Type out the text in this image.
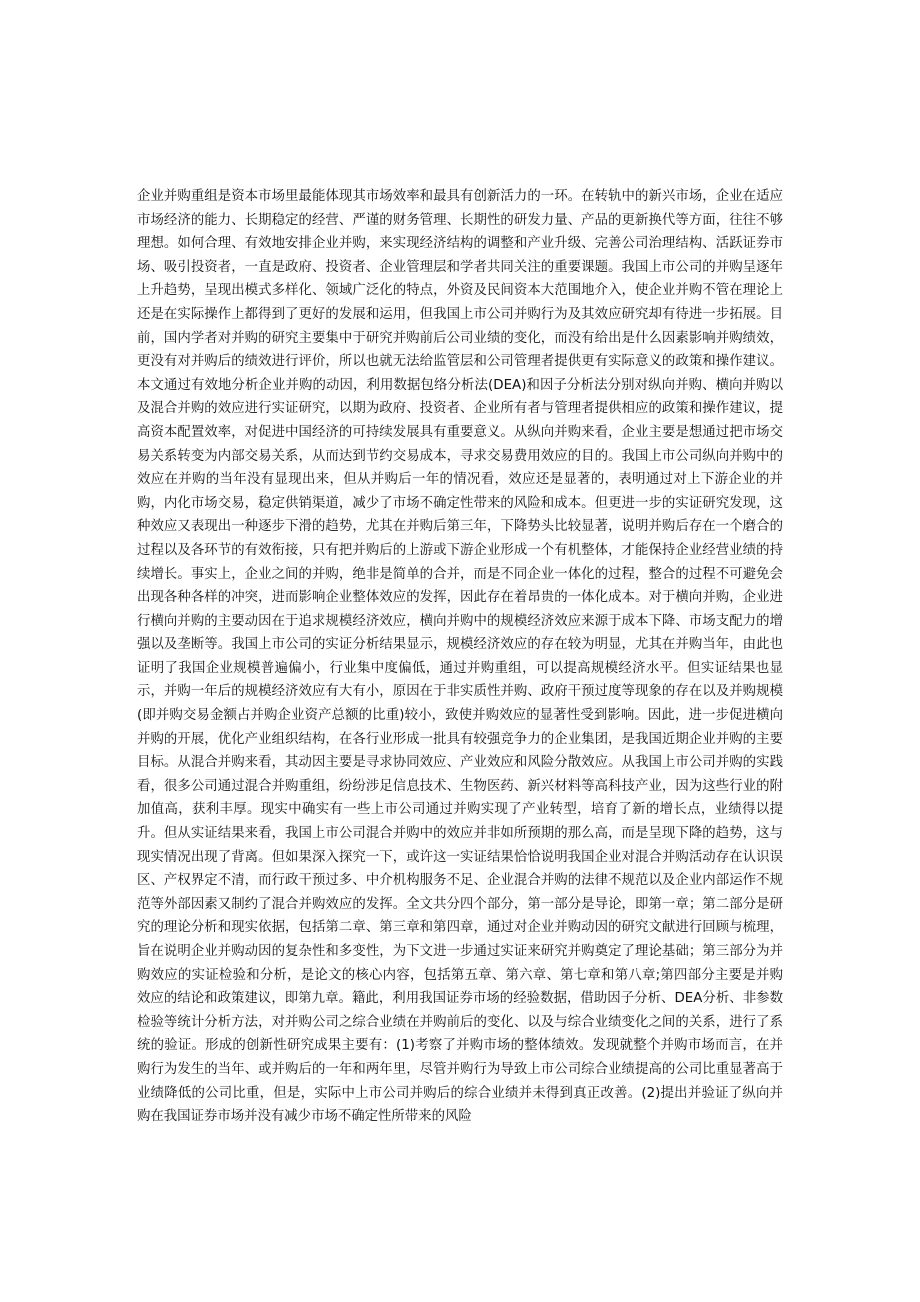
企业并购重组是资本市场里最能体现其市场效率和最具有创新活力的一环。在转轨中的新兴市场，企业在适应市场经济的能力、长期稳定的经营、严谨的财务管理、长期性的研发力量、产品的更新换代等方面，往往不够理想。如何合理、有效地安排企业并购，来实现经济结构的调整和产业升级、完善公司治理结构、活跃证券市场、吸引投资者，一直是政府、投资者、企业管理层和学者共同关注的重要课题。我国上市公司的并购呈逐年上升趋势，呈现出模式多样化、领域广泛化的特点，外资及民间资本大范围地介入，使企业并购不管在理论上还是在实际操作上都得到了更好的发展和运用，但我国上市公司并购行为及其效应研究却有待进一步拓展。目前，国内学者对并购的研究主要集中于研究并购前后公司业绩的变化，而没有给出是什么因素影响并购绩效，更没有对并购后的绩效进行评价，所以也就无法给监管层和公司管理者提供更有实际意义的政策和操作建议。本文通过有效地分析企业并购的动因，利用数据包络分析法(DEA)和因子分析法分别对纵向并购、横向并购以及混合并购的效应进行实证研究，以期为政府、投资者、企业所有者与管理者提供相应的政策和操作建议，提高资本配置效率，对促进中国经济的可持续发展具有重要意义。从纵向并购来看，企业主要是想通过把市场交易关系转变为内部交易关系，从而达到节约交易成本，寻求交易费用效应的目的。我国上市公司纵向并购中的效应在并购的当年没有显现出来，但从并购后一年的情况看，效应还是显著的，表明通过对上下游企业的并购，内化市场交易，稳定供销渠道，减少了市场不确定性带来的风险和成本。但更进一步的实证研究发现，这种效应又表现出一种逐步下滑的趋势，尤其在并购后第三年，下降势头比较显著，说明并购后存在一个磨合的过程以及各环节的有效衔接，只有把并购后的上游或下游企业形成一个有机整体，才能保持企业经营业绩的持续增长。事实上，企业之间的并购，绝非是简单的合并，而是不同企业一体化的过程，整合的过程不可避免会出现各种各样的冲突，进而影响企业整体效应的发挥，因此存在着昂贵的一体化成本。对于横向并购，企业进行横向并购的主要动因在于追求规模经济效应，横向并购中的规模经济效应来源于成本下降、市场支配力的增强以及垄断等。我国上市公司的实证分析结果显示，规模经济效应的存在较为明显，尤其在并购当年，由此也证明了我国企业规模普遍偏小，行业集中度偏低，通过并购重组，可以提高规模经济水平。但实证结果也显示，并购一年后的规模经济效应有大有小，原因在于非实质性并购、政府干预过度等现象的存在以及并购规模(即并购交易金额占并购企业资产总额的比重)较小，致使并购效应的显著性受到影响。因此，进一步促进横向并购的开展，优化产业组织结构，在各行业形成一批具有较强竞争力的企业集团，是我国近期企业并购的主要目标。从混合并购来看，其动因主要是寻求协同效应、产业效应和风险分散效应。从我国上市公司并购的实践看，很多公司通过混合并购重组，纷纷涉足信息技术、生物医药、新兴材料等高科技产业，因为这些行业的附加值高，获利丰厚。现实中确实有一些上市公司通过并购实现了产业转型，培育了新的增长点，业绩得以提升。但从实证结果来看，我国上市公司混合并购中的效应并非如所预期的那么高，而是呈现下降的趋势，这与现实情况出现了背离。但如果深入探究一下，或许这一实证结果恰恰说明我国企业对混合并购活动存在认识误区、产权界定不清，而行政干预过多、中介机构服务不足、企业混合并购的法律不规范以及企业内部运作不规范等外部因素又制约了混合并购效应的发挥。全文共分四个部分，第一部分是导论，即第一章；第二部分是研究的理论分析和现实依据，包括第二章、第三章和第四章，通过对企业并购动因的研究文献进行回顾与梳理，旨在说明企业并购动因的复杂性和多变性，为下文进一步通过实证来研究并购奠定了理论基础；第三部分为并购效应的实证检验和分析，是论文的核心内容，包括第五章、第六章、第七章和第八章;第四部分主要是并购效应的结论和政策建议，即第九章。籍此，利用我国证券市场的经验数据，借助因子分析、DEA分析、非参数检验等统计分析方法，对并购公司之综合业绩在并购前后的变化、以及与综合业绩变化之间的关系，进行了系统的验证。形成的创新性研究成果主要有：(1)考察了并购市场的整体绩效。发现就整个并购市场而言，在并购行为发生的当年、或并购后的一年和两年里，尽管并购行为导致上市公司综合业绩提高的公司比重显著高于业绩降低的公司比重，但是，实际中上市公司并购后的综合业绩并未得到真正改善。(2)提出并验证了纵向并购在我国证券市场并没有减少市场不确定性所带来的风险
